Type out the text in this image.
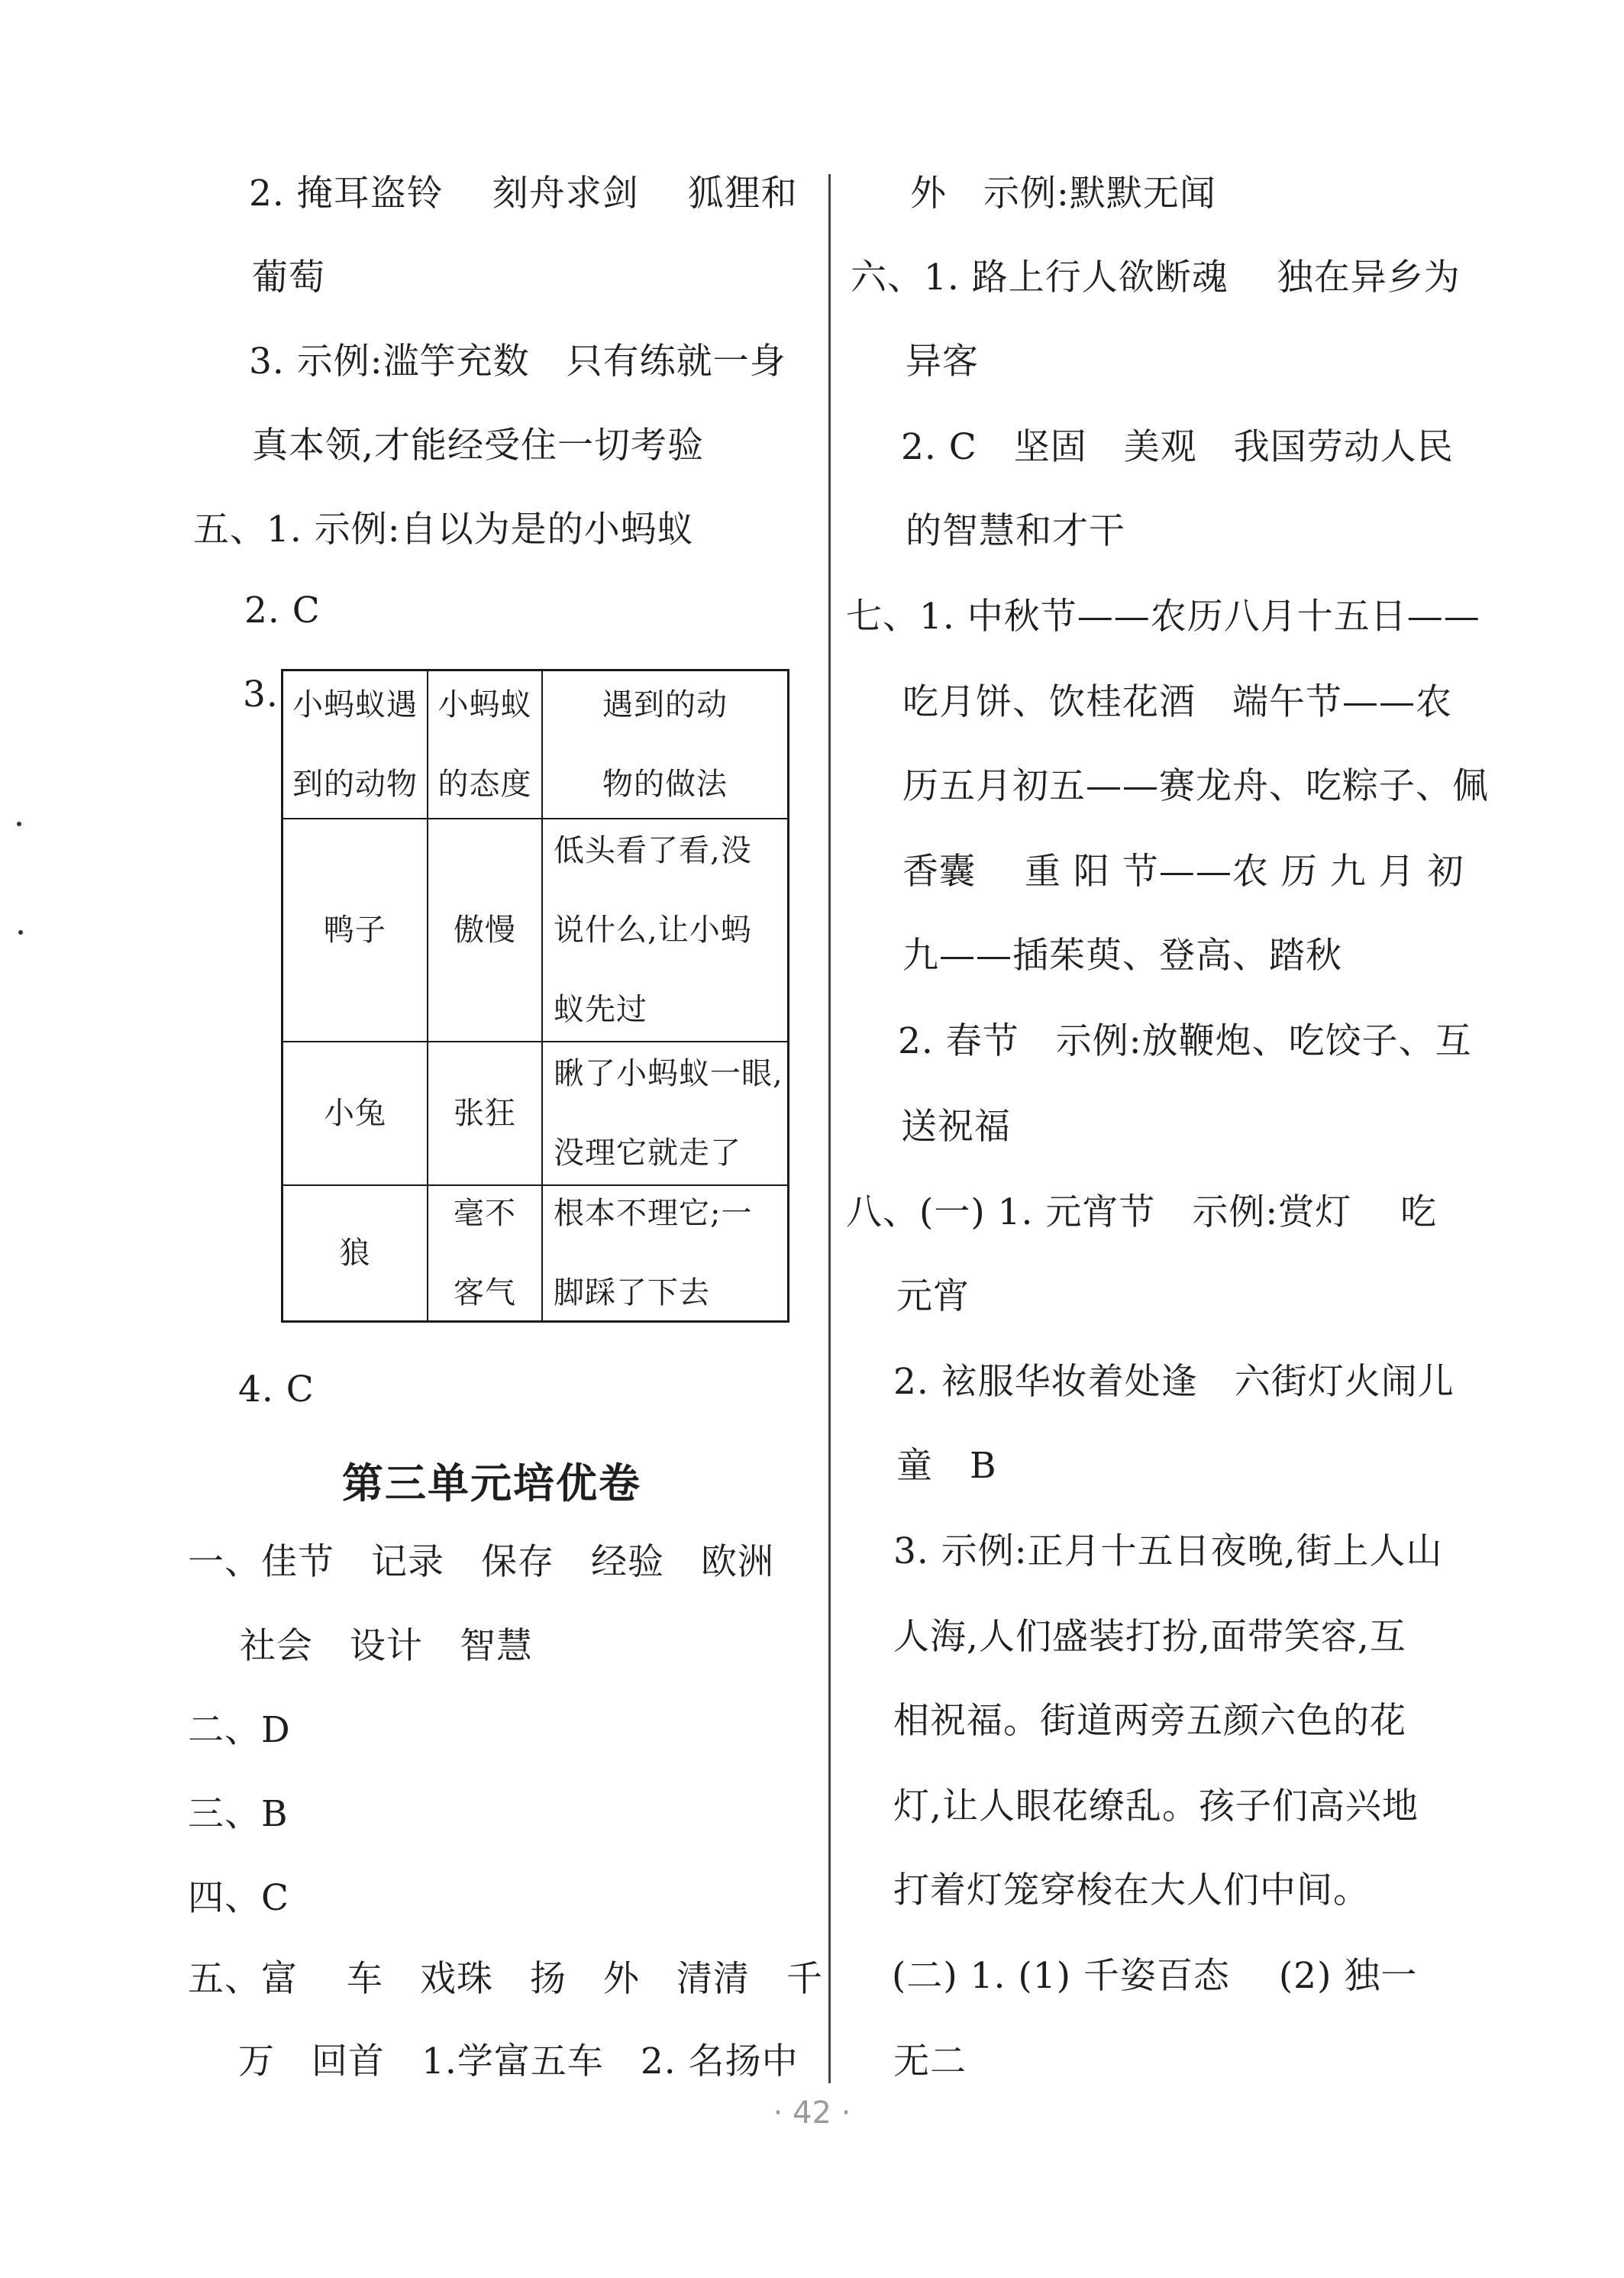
2. 掩耳盗铃　 刻舟求剑　 狐狸和
葡萄
3. 示例:滥竽充数　只有练就一身
真本领,才能经受住一切考验
五、1. 示例:自以为是的小蚂蚁
2. C
3. 小蚂蚁遇
到的动物
小蚂蚁
的态度
遇到的动
物的做法
鸭子 傲慢
低头看了看,没
说什么,让小蚂
蚁先过
小兔 张狂
瞅了小蚂蚁一眼,
没理它就走了
狼
毫不
客气
根本不理它;一
脚踩了下去
4. C
第三单元培优卷
一、佳节　记录　保存　经验　欧洲
社会　设计　智慧
二、D
三、B
四、C
五、富　 车　戏珠　扬　外　清清　千
万　回首　1.学富五车　2. 名扬中
外　示例:默默无闻
六、1. 路上行人欲断魂　 独在异乡为
异客
2. C　坚固　美观　我国劳动人民
的智慧和才干
七、1. 中秋节——农历八月十五日——
吃月饼、饮桂花酒　端午节——农
历五月初五——赛龙舟、吃粽子、佩
香囊　 重 阳 节——农 历 九 月 初
九——插茱萸、登高、踏秋
2. 春节　示例:放鞭炮、吃饺子、互
送祝福
八、(一) 1. 元宵节　示例:赏灯　 吃
元宵
2. 袨服华妆着处逢　六街灯火闹儿
童　B
3. 示例:正月十五日夜晚,街上人山
人海,人们盛装打扮,面带笑容,互
相祝福。街道两旁五颜六色的花
灯,让人眼花缭乱。孩子们高兴地
打着灯笼穿梭在大人们中间。
(二) 1. (1) 千姿百态　 (2) 独一
无二
· 42 ·
